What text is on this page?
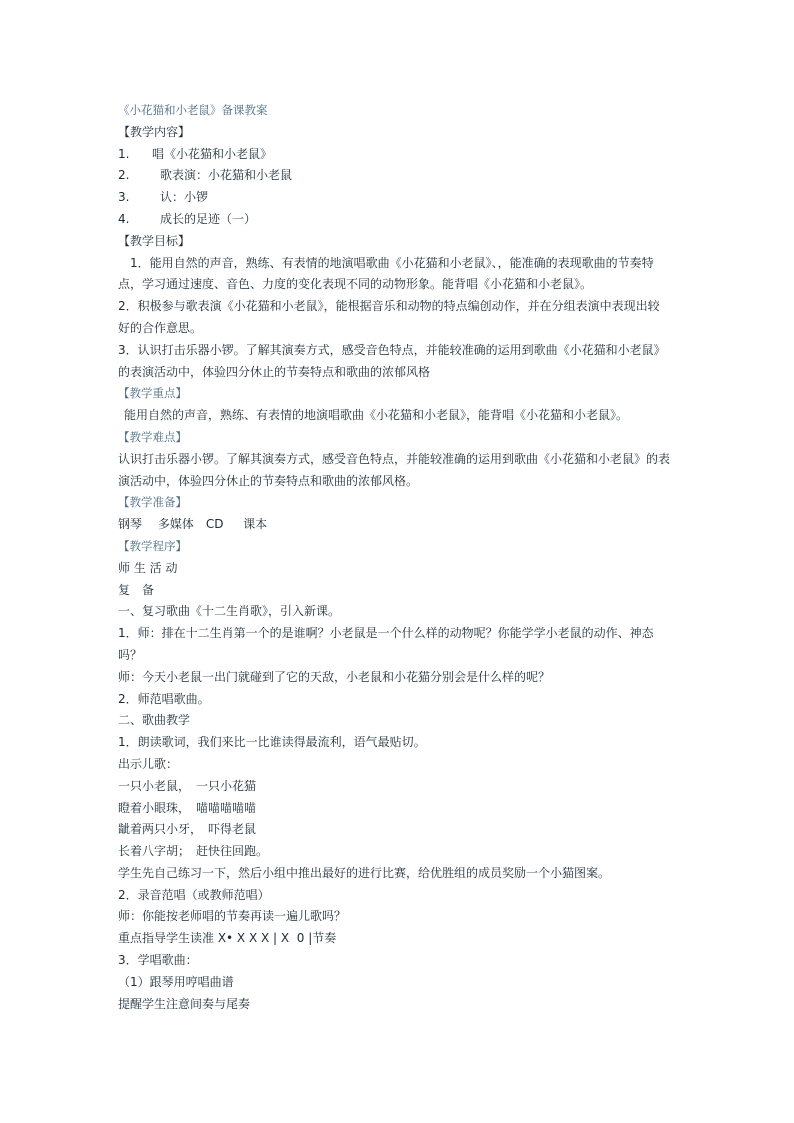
《小花猫和小老鼠》备课教案
【教学内容】
1. 唱《小花猫和小老鼠》
2.	歌表演：小花猫和小老鼠
3.	认：小锣
4.	成长的足迹（一）
【教学目标】
1．能用自然的声音，熟练、有表情的地演唱歌曲《小花猫和小老鼠》、，能准确的表现歌曲的节奏特
点，学习通过速度、音色、力度的变化表现不同的动物形象。能背唱《小花猫和小老鼠》。
2．积极参与歌表演《小花猫和小老鼠》，能根据音乐和动物的特点编创动作，并在分组表演中表现出较
好的合作意思。
3．认识打击乐器小锣。了解其演奏方式，感受音色特点，并能较准确的运用到歌曲《小花猫和小老鼠》
的表演活动中，体验四分休止的节奏特点和歌曲的浓郁风格
【教学重点】
能用自然的声音，熟练、有表情的地演唱歌曲《小花猫和小老鼠》，能背唱《小花猫和小老鼠》。
【教学难点】
认识打击乐器小锣。了解其演奏方式，感受音色特点，并能较准确的运用到歌曲《小花猫和小老鼠》的表
演活动中，体验四分休止的节奏特点和歌曲的浓郁风格。
【教学准备】
钢琴　 多媒体　CD　  课本
【教学程序】
师 生 活 动
复　备
一、复习歌曲《十二生肖歌》，引入新课。
1．师：排在十二生肖第一个的是谁啊？小老鼠是一个什么样的动物呢？你能学学小老鼠的动作、神态
吗？
师：今天小老鼠一出门就碰到了它的天敌，小老鼠和小花猫分别会是什么样的呢？
2．师范唱歌曲。
二、歌曲教学
1．朗读歌词，我们来比一比谁读得最流利，语气最贴切。
出示儿歌：
一只小老鼠，　一只小花猫
瞪着小眼珠，　喵喵喵喵喵
龇着两只小牙，　吓得老鼠
长着八字胡；　赶快往回跑。
学生先自己练习一下，然后小组中推出最好的进行比赛，给优胜组的成员奖励一个小猫图案。
2．录音范唱（或教师范唱）
师：你能按老师唱的节奏再读一遍儿歌吗？
重点指导学生读准 X• X X X | X  0 |节奏
3．学唱歌曲：
（1）跟琴用哼唱曲谱
提醒学生注意间奏与尾奏
